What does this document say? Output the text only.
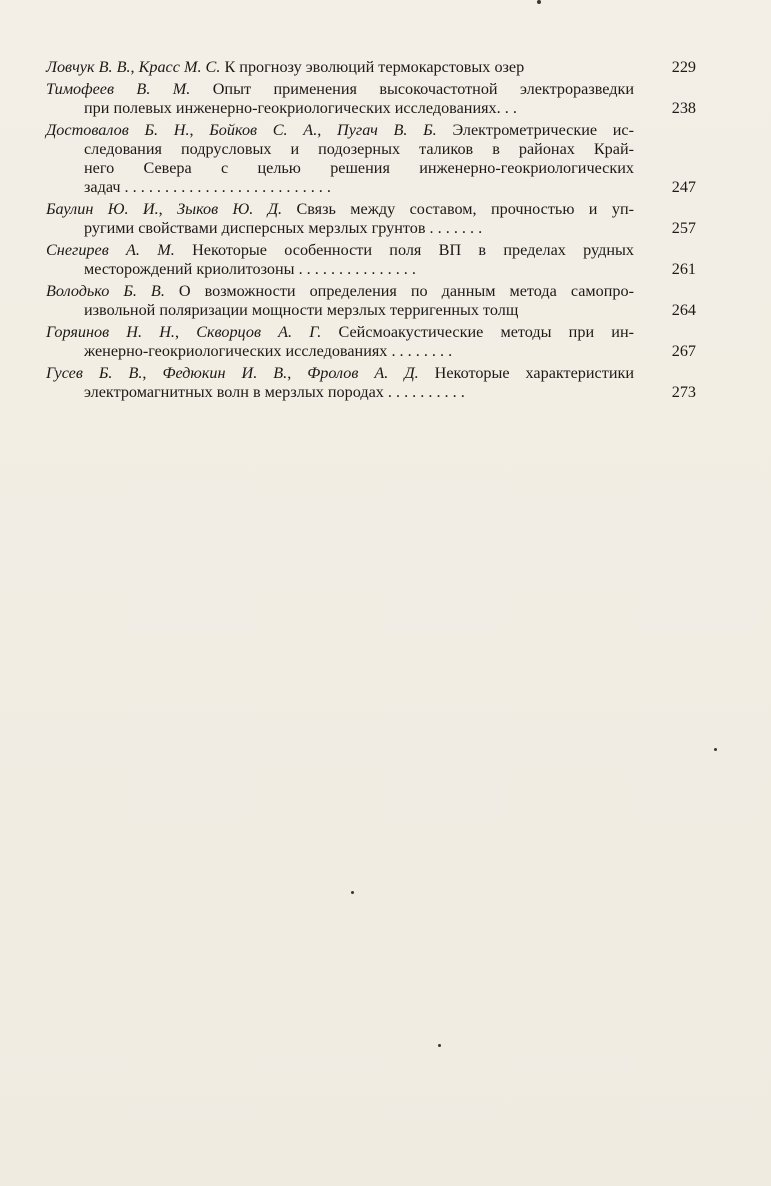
Ловчук В. В., Красс М. С. К прогнозу эволюций термокарстовых озер	229
Тимофеев В. М. Опыт применения высокочастотной электроразведки
при полевых инженерно-геокриологических исследованиях. . .	238
Достовалов Б. Н., Бойков С. А., Пугач В. Б. Электрометрические ис-
следования подрусловых и подозерных таликов в районах Край-
него Севера с целью решения инженерно-геокриологических
задач . . . . . . . . . . . . . . . . . . . . . . . . . .	247
Баулин Ю. И., Зыков Ю. Д. Связь между составом, прочностью и уп-
ругими свойствами дисперсных мерзлых грунтов . . . . . . .	257
Снегирев А. М. Некоторые особенности поля ВП в пределах рудных
месторождений криолитозоны . . . . . . . . . . . . . . .	261
Володько Б. В. О возможности определения по данным метода самопро-
извольной поляризации мощности мерзлых терригенных толщ	264
Горяинов Н. Н., Скворцов А. Г. Сейсмоакустические методы при ин-
женерно-геокриологических исследованиях . . . . . . . .	267
Гусев Б. В., Федюкин И. В., Фролов А. Д. Некоторые характеристики
электромагнитных волн в мерзлых породах . . . . . . . . . .	273
